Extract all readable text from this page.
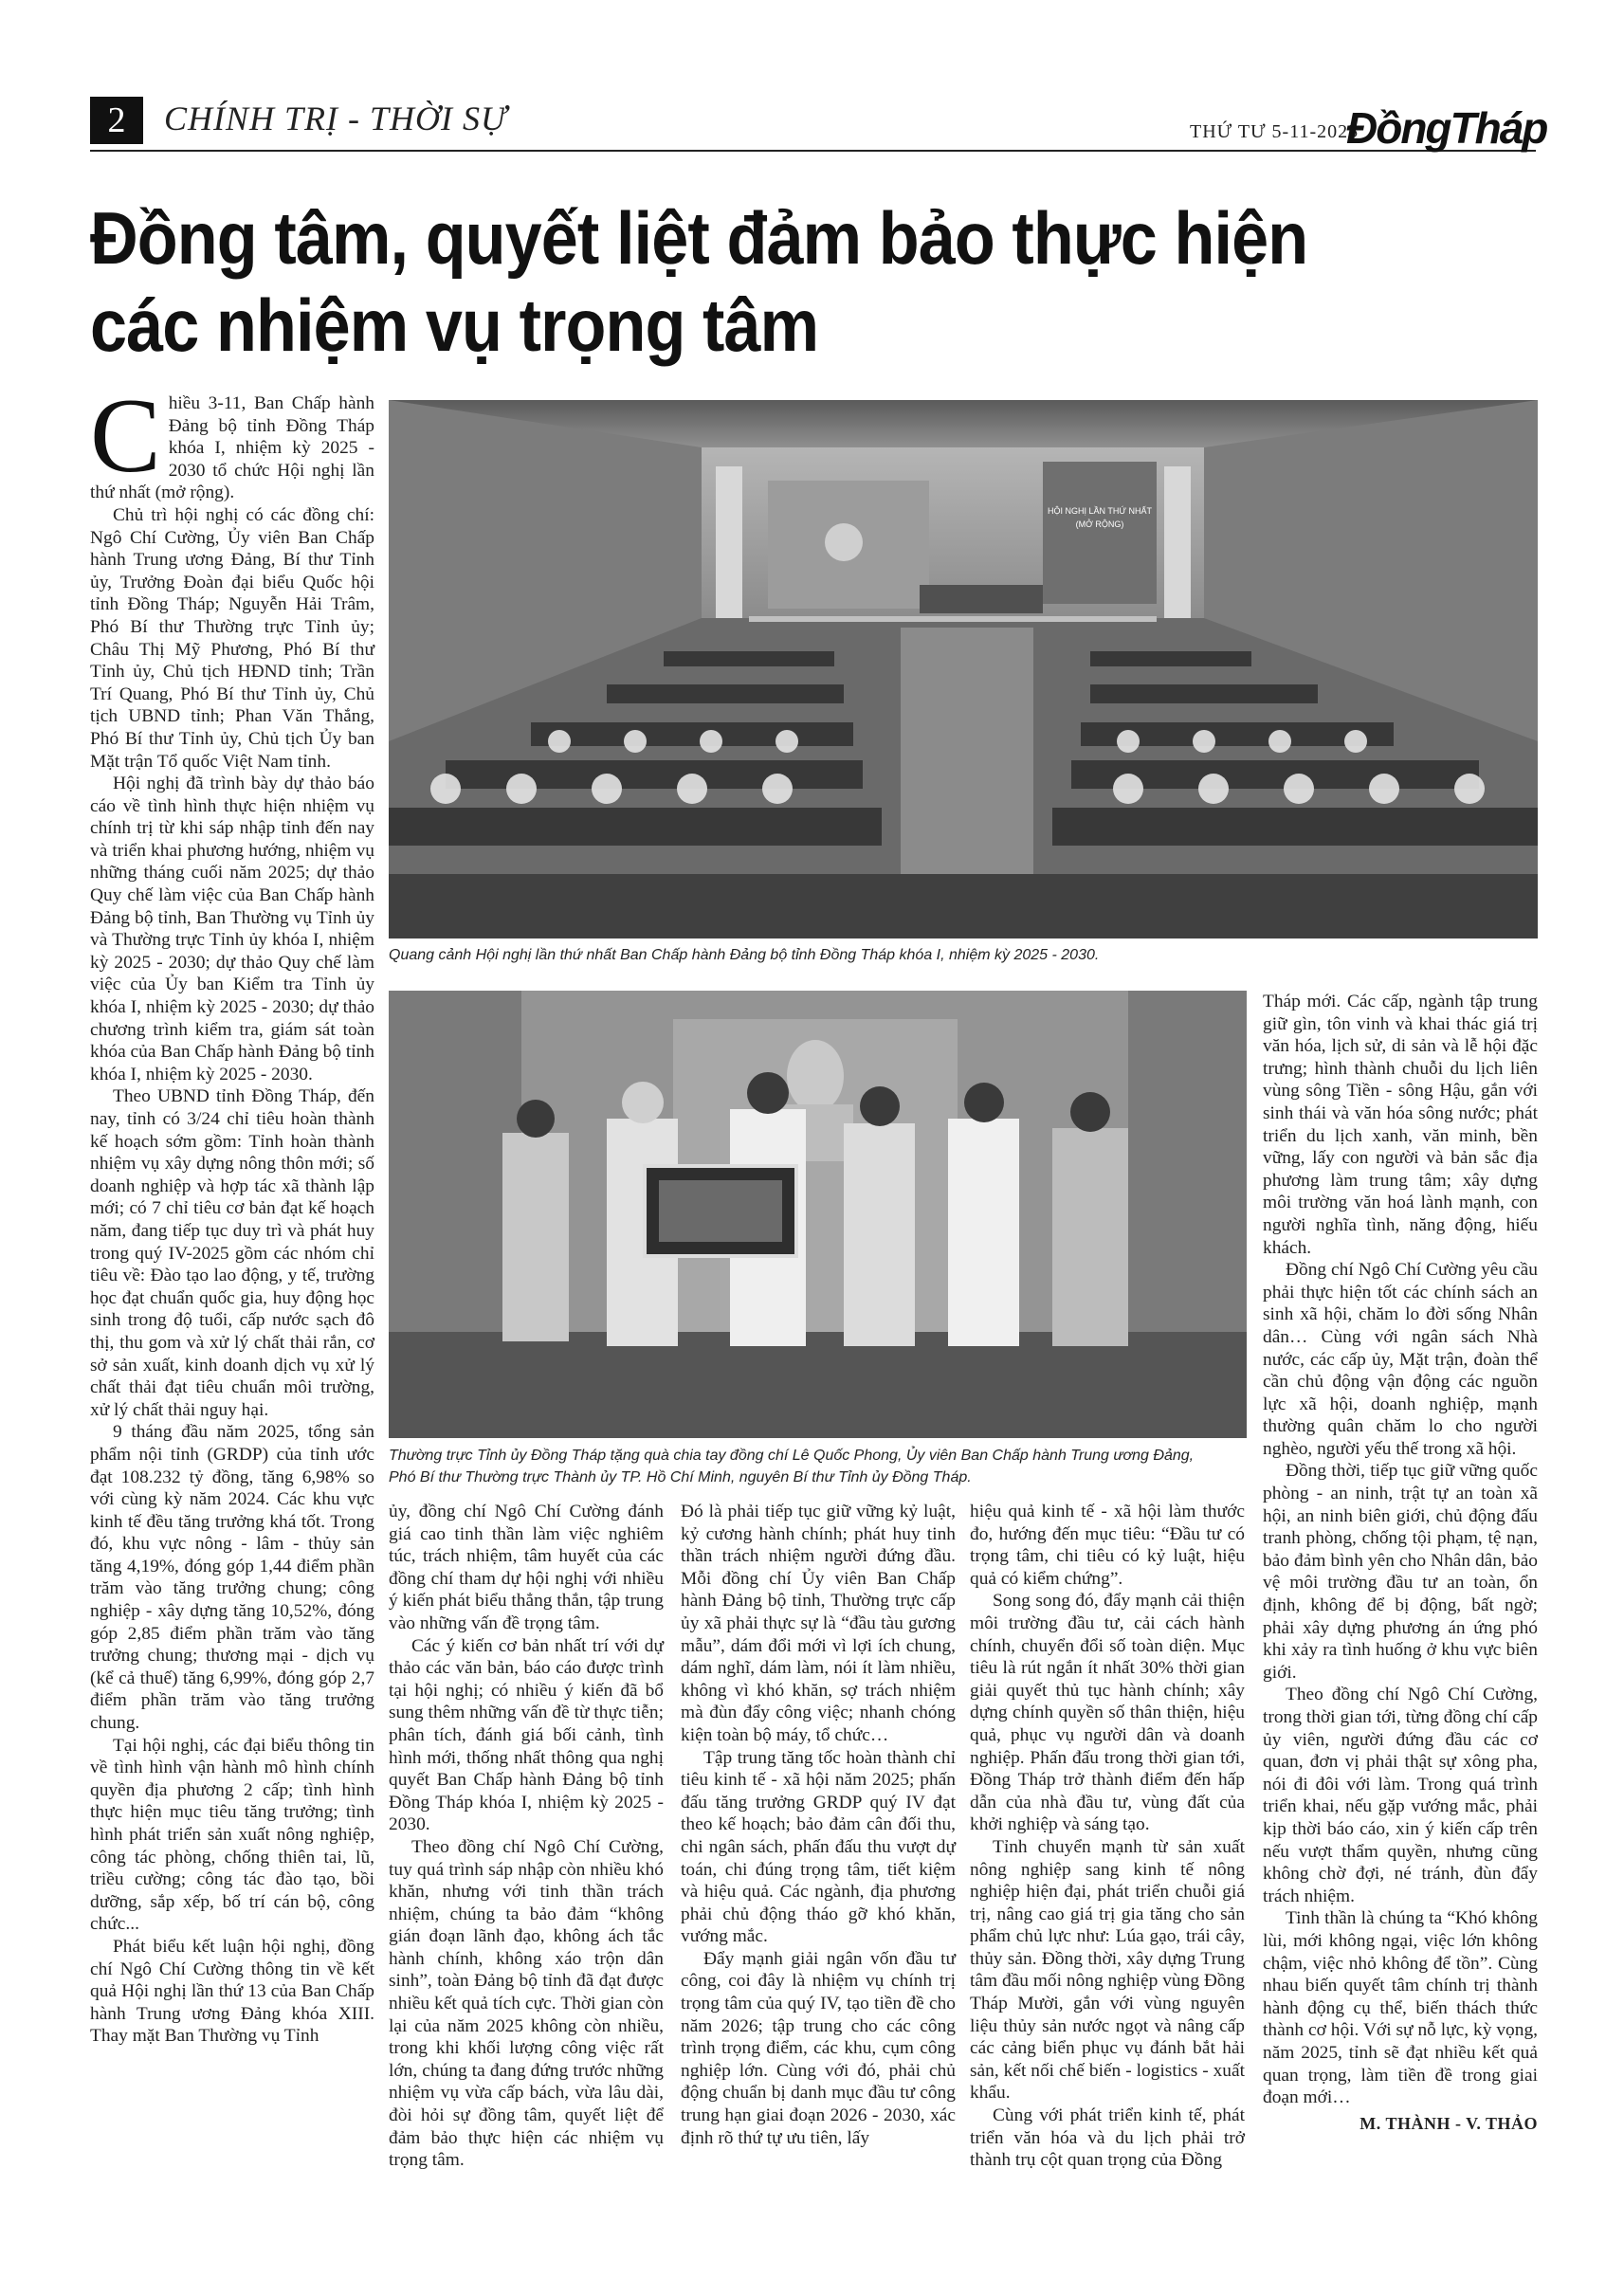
2	CHÍNH TRỊ - THỜI SỰ	THỨ TƯ 5-11-2025
ĐồngTháp
Đồng tâm, quyết liệt đảm bảo thực hiện
các nhiệm vụ trọng tâm
HỘI NGHỊ LẦN THỨ NHẤT
(MỞ RỘNG)
Quang cảnh Hội nghị lần thứ nhất Ban Chấp hành Đảng bộ tỉnh Đồng Tháp khóa I, nhiệm kỳ 2025 - 2030.
Thường trực Tỉnh ủy Đồng Tháp tặng quà chia tay đồng chí Lê Quốc Phong, Ủy viên Ban Chấp hành Trung ương Đảng,
Phó Bí thư Thường trực Thành ủy TP. Hồ Chí Minh, nguyên Bí thư Tỉnh ủy Đồng Tháp.

Chiều 3-11, Ban Chấp hành Đảng bộ tỉnh Đồng Tháp khóa I, nhiệm kỳ 2025 - 2030 tổ chức Hội nghị lần thứ nhất (mở rộng).

Chủ trì hội nghị có các đồng chí: Ngô Chí Cường, Ủy viên Ban Chấp hành Trung ương Đảng, Bí thư Tỉnh ủy, Trưởng Đoàn đại biểu Quốc hội tỉnh Đồng Tháp; Nguyễn Hải Trâm, Phó Bí thư Thường trực Tỉnh ủy; Châu Thị Mỹ Phương, Phó Bí thư Tỉnh ủy, Chủ tịch HĐND tỉnh; Trần Trí Quang, Phó Bí thư Tỉnh ủy, Chủ tịch UBND tỉnh; Phan Văn Thắng, Phó Bí thư Tỉnh ủy, Chủ tịch Ủy ban Mặt trận Tổ quốc Việt Nam tỉnh.

Hội nghị đã trình bày dự thảo báo cáo về tình hình thực hiện nhiệm vụ chính trị từ khi sáp nhập tỉnh đến nay và triển khai phương hướng, nhiệm vụ những tháng cuối năm 2025; dự thảo Quy chế làm việc của Ban Chấp hành Đảng bộ tỉnh, Ban Thường vụ Tỉnh ủy và Thường trực Tỉnh ủy khóa I, nhiệm kỳ 2025 - 2030; dự thảo Quy chế làm việc của Ủy ban Kiểm tra Tỉnh ủy khóa I, nhiệm kỳ 2025 - 2030; dự thảo chương trình kiểm tra, giám sát toàn khóa của Ban Chấp hành Đảng bộ tỉnh khóa I, nhiệm kỳ 2025 - 2030.

Theo UBND tỉnh Đồng Tháp, đến nay, tỉnh có 3/24 chỉ tiêu hoàn thành kế hoạch sớm gồm: Tỉnh hoàn thành nhiệm vụ xây dựng nông thôn mới; số doanh nghiệp và hợp tác xã thành lập mới; có 7 chỉ tiêu cơ bản đạt kế hoạch năm, đang tiếp tục duy trì và phát huy trong quý IV-2025 gồm các nhóm chỉ tiêu về: Đào tạo lao động, y tế, trường học đạt chuẩn quốc gia, huy động học sinh trong độ tuổi, cấp nước sạch đô thị, thu gom và xử lý chất thải rắn, cơ sở sản xuất, kinh doanh dịch vụ xử lý chất thải đạt tiêu chuẩn môi trường, xử lý chất thải nguy hại.

9 tháng đầu năm 2025, tổng sản phẩm nội tỉnh (GRDP) của tỉnh ước đạt 108.232 tỷ đồng, tăng 6,98% so với cùng kỳ năm 2024. Các khu vực kinh tế đều tăng trưởng khá tốt. Trong đó, khu vực nông - lâm - thủy sản tăng 4,19%, đóng góp 1,44 điểm phần trăm vào tăng trưởng chung; công nghiệp - xây dựng tăng 10,52%, đóng góp 2,85 điểm phần trăm vào tăng trưởng chung; thương mại - dịch vụ (kể cả thuế) tăng 6,99%, đóng góp 2,7 điểm phần trăm vào tăng trưởng chung.

Tại hội nghị, các đại biểu thông tin về tình hình vận hành mô hình chính quyền địa phương 2 cấp; tình hình thực hiện mục tiêu tăng trưởng; tình hình phát triển sản xuất nông nghiệp, công tác phòng, chống thiên tai, lũ, triều cường; công tác đào tạo, bồi dưỡng, sắp xếp, bố trí cán bộ, công chức...

Phát biểu kết luận hội nghị, đồng chí Ngô Chí Cường thông tin về kết quả Hội nghị lần thứ 13 của Ban Chấp hành Trung ương Đảng khóa XIII. Thay mặt Ban Thường vụ Tỉnh

ủy, đồng chí Ngô Chí Cường đánh giá cao tinh thần làm việc nghiêm túc, trách nhiệm, tâm huyết của các đồng chí tham dự hội nghị với nhiều ý kiến phát biểu thẳng thắn, tập trung vào những vấn đề trọng tâm.

Các ý kiến cơ bản nhất trí với dự thảo các văn bản, báo cáo được trình tại hội nghị; có nhiều ý kiến đã bổ sung thêm những vấn đề từ thực tiễn; phân tích, đánh giá bối cảnh, tình hình mới, thống nhất thông qua nghị quyết Ban Chấp hành Đảng bộ tỉnh Đồng Tháp khóa I, nhiệm kỳ 2025 - 2030.

Theo đồng chí Ngô Chí Cường, tuy quá trình sáp nhập còn nhiều khó khăn, nhưng với tinh thần trách nhiệm, chúng ta bảo đảm “không gián đoạn lãnh đạo, không ách tắc hành chính, không xáo trộn dân sinh”, toàn Đảng bộ tỉnh đã đạt được nhiều kết quả tích cực. Thời gian còn lại của năm 2025 không còn nhiều, trong khi khối lượng công việc rất lớn, chúng ta đang đứng trước những nhiệm vụ vừa cấp bách, vừa lâu dài, đòi hỏi sự đồng tâm, quyết liệt để đảm bảo thực hiện các nhiệm vụ trọng tâm.

Đó là phải tiếp tục giữ vững kỷ luật, kỷ cương hành chính; phát huy tinh thần trách nhiệm người đứng đầu. Mỗi đồng chí Ủy viên Ban Chấp hành Đảng bộ tỉnh, Thường trực cấp ủy xã phải thực sự là “đầu tàu gương mẫu”, dám đổi mới vì lợi ích chung, dám nghĩ, dám làm, nói ít làm nhiều, không vì khó khăn, sợ trách nhiệm mà đùn đẩy công việc; nhanh chóng kiện toàn bộ máy, tổ chức…

Tập trung tăng tốc hoàn thành chỉ tiêu kinh tế - xã hội năm 2025; phấn đấu tăng trưởng GRDP quý IV đạt theo kế hoạch; bảo đảm cân đối thu, chi ngân sách, phấn đấu thu vượt dự toán, chi đúng trọng tâm, tiết kiệm và hiệu quả. Các ngành, địa phương phải chủ động tháo gỡ khó khăn, vướng mắc.

Đẩy mạnh giải ngân vốn đầu tư công, coi đây là nhiệm vụ chính trị trọng tâm của quý IV, tạo tiền đề cho năm 2026; tập trung cho các công trình trọng điểm, các khu, cụm công nghiệp lớn. Cùng với đó, phải chủ động chuẩn bị danh mục đầu tư công trung hạn giai đoạn 2026 - 2030, xác định rõ thứ tự ưu tiên, lấy

hiệu quả kinh tế - xã hội làm thước đo, hướng đến mục tiêu: “Đầu tư có trọng tâm, chi tiêu có kỷ luật, hiệu quả có kiểm chứng”.

Song song đó, đẩy mạnh cải thiện môi trường đầu tư, cải cách hành chính, chuyển đổi số toàn diện. Mục tiêu là rút ngắn ít nhất 30% thời gian giải quyết thủ tục hành chính; xây dựng chính quyền số thân thiện, hiệu quả, phục vụ người dân và doanh nghiệp. Phấn đấu trong thời gian tới, Đồng Tháp trở thành điểm đến hấp dẫn của nhà đầu tư, vùng đất của khởi nghiệp và sáng tạo.

Tỉnh chuyển mạnh từ sản xuất nông nghiệp sang kinh tế nông nghiệp hiện đại, phát triển chuỗi giá trị, nâng cao giá trị gia tăng cho sản phẩm chủ lực như: Lúa gạo, trái cây, thủy sản. Đồng thời, xây dựng Trung tâm đầu mối nông nghiệp vùng Đồng Tháp Mười, gắn với vùng nguyên liệu thủy sản nước ngọt và nâng cấp các cảng biển phục vụ đánh bắt hải sản, kết nối chế biến - logistics - xuất khẩu.

Cùng với phát triển kinh tế, phát triển văn hóa và du lịch phải trở thành trụ cột quan trọng của Đồng

Tháp mới. Các cấp, ngành tập trung giữ gìn, tôn vinh và khai thác giá trị văn hóa, lịch sử, di sản và lễ hội đặc trưng; hình thành chuỗi du lịch liên vùng sông Tiền - sông Hậu, gắn với sinh thái và văn hóa sông nước; phát triển du lịch xanh, văn minh, bền vững, lấy con người và bản sắc địa phương làm trung tâm; xây dựng môi trường văn hoá lành mạnh, con người nghĩa tình, năng động, hiếu khách.

Đồng chí Ngô Chí Cường yêu cầu phải thực hiện tốt các chính sách an sinh xã hội, chăm lo đời sống Nhân dân… Cùng với ngân sách Nhà nước, các cấp ủy, Mặt trận, đoàn thể cần chủ động vận động các nguồn lực xã hội, doanh nghiệp, mạnh thường quân chăm lo cho người nghèo, người yếu thế trong xã hội.

Đồng thời, tiếp tục giữ vững quốc phòng - an ninh, trật tự an toàn xã hội, an ninh biên giới, chủ động đấu tranh phòng, chống tội phạm, tệ nạn, bảo đảm bình yên cho Nhân dân, bảo vệ môi trường đầu tư an toàn, ổn định, không để bị động, bất ngờ; phải xây dựng phương án ứng phó khi xảy ra tình huống ở khu vực biên giới.

Theo đồng chí Ngô Chí Cường, trong thời gian tới, từng đồng chí cấp ủy viên, người đứng đầu các cơ quan, đơn vị phải thật sự xông pha, nói đi đôi với làm. Trong quá trình triển khai, nếu gặp vướng mắc, phải kịp thời báo cáo, xin ý kiến cấp trên nếu vượt thẩm quyền, nhưng cũng không chờ đợi, né tránh, đùn đẩy trách nhiệm.

Tinh thần là chúng ta “Khó không lùi, mới không ngại, việc lớn không chậm, việc nhỏ không để tồn”. Cùng nhau biến quyết tâm chính trị thành hành động cụ thể, biến thách thức thành cơ hội. Với sự nỗ lực, kỳ vọng, năm 2025, tỉnh sẽ đạt nhiều kết quả quan trọng, làm tiền đề trong giai đoạn mới…

M. THÀNH - V. THẢO
